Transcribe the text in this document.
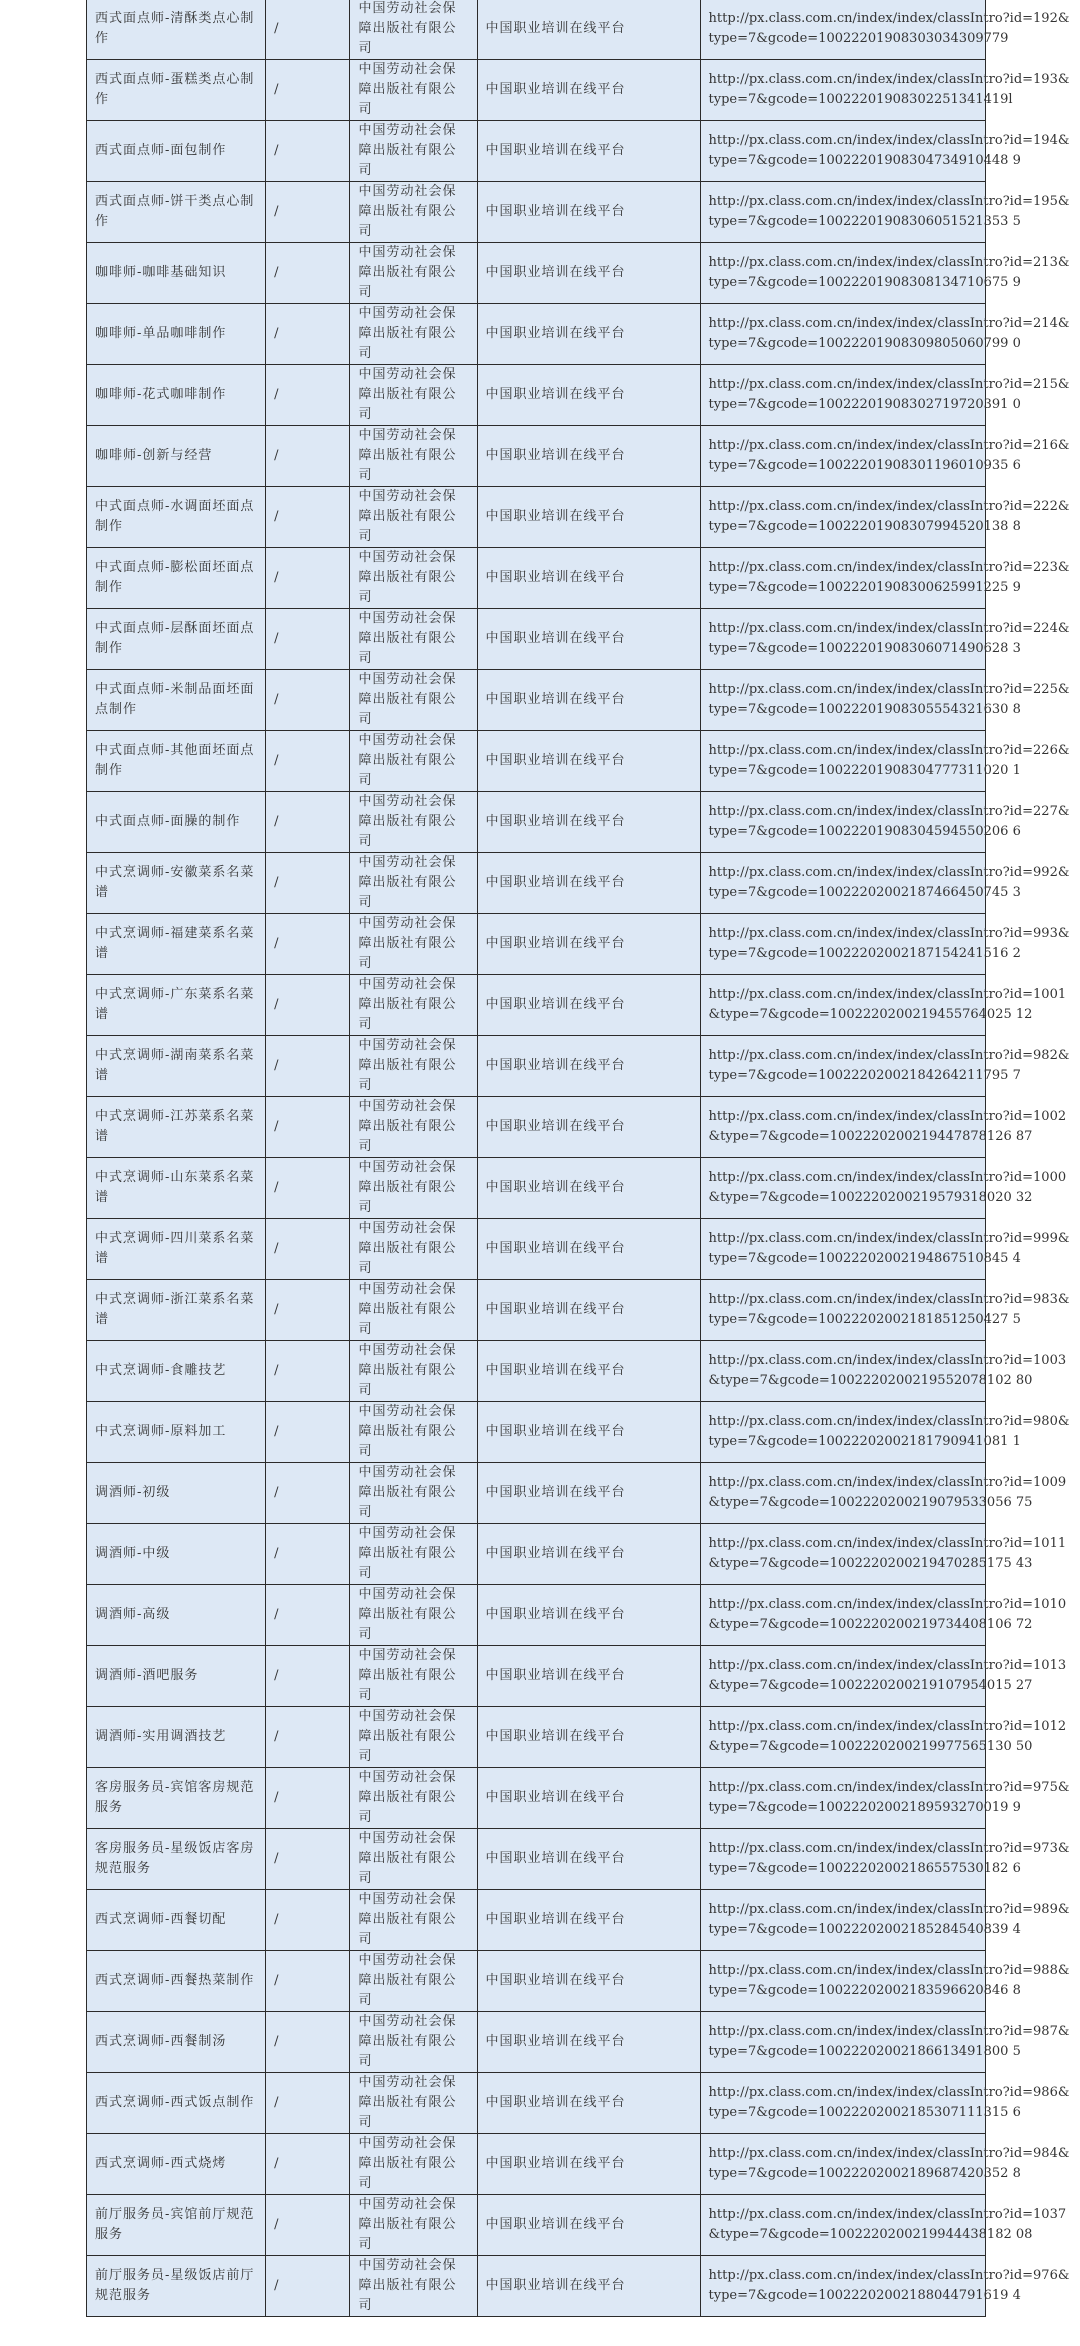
西式面点师-清酥类点心制作	/	中国劳动社会保障出版社有限公司	中国职业培训在线平台	http://px.class.com.cn/index/index/classIntro?id=192&
type=7&gcode=10022201908303034309779

西式面点师-蛋糕类点心制作	/	中国劳动社会保障出版社有限公司	中国职业培训在线平台	http://px.class.com.cn/index/index/classIntro?id=193&
type=7&gcode=10022201908302251341419l

西式面点师-面包制作	/	中国劳动社会保障出版社有限公司	中国职业培训在线平台	http://px.class.com.cn/index/index/classIntro?id=194&
type=7&gcode=10022201908304734910448 9

西式面点师-饼干类点心制作	/	中国劳动社会保障出版社有限公司	中国职业培训在线平台	http://px.class.com.cn/index/index/classIntro?id=195&
type=7&gcode=10022201908306051521353 5

咖啡师-咖啡基础知识	/	中国劳动社会保障出版社有限公司	中国职业培训在线平台	http://px.class.com.cn/index/index/classIntro?id=213&
type=7&gcode=10022201908308134710675 9

咖啡师-单品咖啡制作	/	中国劳动社会保障出版社有限公司	中国职业培训在线平台	http://px.class.com.cn/index/index/classIntro?id=214&
type=7&gcode=10022201908309805060799 0

咖啡师-花式咖啡制作	/	中国劳动社会保障出版社有限公司	中国职业培训在线平台	http://px.class.com.cn/index/index/classIntro?id=215&
type=7&gcode=10022201908302719720391 0

咖啡师-创新与经营	/	中国劳动社会保障出版社有限公司	中国职业培训在线平台	http://px.class.com.cn/index/index/classIntro?id=216&
type=7&gcode=10022201908301196010935 6

中式面点师-水调面坯面点制作	/	中国劳动社会保障出版社有限公司	中国职业培训在线平台	http://px.class.com.cn/index/index/classIntro?id=222&
type=7&gcode=10022201908307994520138 8

中式面点师-膨松面坯面点制作	/	中国劳动社会保障出版社有限公司	中国职业培训在线平台	http://px.class.com.cn/index/index/classIntro?id=223&
type=7&gcode=10022201908300625991225 9

中式面点师-层酥面坯面点制作	/	中国劳动社会保障出版社有限公司	中国职业培训在线平台	http://px.class.com.cn/index/index/classIntro?id=224&
type=7&gcode=10022201908306071490628 3

中式面点师-米制品面坯面点制作	/	中国劳动社会保障出版社有限公司	中国职业培训在线平台	http://px.class.com.cn/index/index/classIntro?id=225&
type=7&gcode=10022201908305554321630 8

中式面点师-其他面坯面点制作	/	中国劳动社会保障出版社有限公司	中国职业培训在线平台	http://px.class.com.cn/index/index/classIntro?id=226&
type=7&gcode=10022201908304777311020 1

中式面点师-面臊的制作	/	中国劳动社会保障出版社有限公司	中国职业培训在线平台	http://px.class.com.cn/index/index/classIntro?id=227&
type=7&gcode=10022201908304594550206 6

中式烹调师-安徽菜系名菜谱	/	中国劳动社会保障出版社有限公司	中国职业培训在线平台	http://px.class.com.cn/index/index/classIntro?id=992&
type=7&gcode=10022202002187466450745 3

中式烹调师-福建菜系名菜谱	/	中国劳动社会保障出版社有限公司	中国职业培训在线平台	http://px.class.com.cn/index/index/classIntro?id=993&
type=7&gcode=10022202002187154241516 2

中式烹调师-广东菜系名菜谱	/	中国劳动社会保障出版社有限公司	中国职业培训在线平台	http://px.class.com.cn/index/index/classIntro?id=1001
&type=7&gcode=1002220200219455764025 12

中式烹调师-湖南菜系名菜谱	/	中国劳动社会保障出版社有限公司	中国职业培训在线平台	http://px.class.com.cn/index/index/classIntro?id=982&
type=7&gcode=10022202002184264211795 7

中式烹调师-江苏菜系名菜谱	/	中国劳动社会保障出版社有限公司	中国职业培训在线平台	http://px.class.com.cn/index/index/classIntro?id=1002
&type=7&gcode=1002220200219447878126 87

中式烹调师-山东菜系名菜谱	/	中国劳动社会保障出版社有限公司	中国职业培训在线平台	http://px.class.com.cn/index/index/classIntro?id=1000
&type=7&gcode=1002220200219579318020 32

中式烹调师-四川菜系名菜谱	/	中国劳动社会保障出版社有限公司	中国职业培训在线平台	http://px.class.com.cn/index/index/classIntro?id=999&
type=7&gcode=10022202002194867510845 4

中式烹调师-浙江菜系名菜谱	/	中国劳动社会保障出版社有限公司	中国职业培训在线平台	http://px.class.com.cn/index/index/classIntro?id=983&
type=7&gcode=10022202002181851250427 5

中式烹调师-食雕技艺	/	中国劳动社会保障出版社有限公司	中国职业培训在线平台	http://px.class.com.cn/index/index/classIntro?id=1003
&type=7&gcode=1002220200219552078102 80

中式烹调师-原料加工	/	中国劳动社会保障出版社有限公司	中国职业培训在线平台	http://px.class.com.cn/index/index/classIntro?id=980&
type=7&gcode=10022202002181790941081 1

调酒师-初级	/	中国劳动社会保障出版社有限公司	中国职业培训在线平台	http://px.class.com.cn/index/index/classIntro?id=1009
&type=7&gcode=1002220200219079533056 75

调酒师-中级	/	中国劳动社会保障出版社有限公司	中国职业培训在线平台	http://px.class.com.cn/index/index/classIntro?id=1011
&type=7&gcode=1002220200219470285175 43

调酒师-高级	/	中国劳动社会保障出版社有限公司	中国职业培训在线平台	http://px.class.com.cn/index/index/classIntro?id=1010
&type=7&gcode=1002220200219734408106 72

调酒师-酒吧服务	/	中国劳动社会保障出版社有限公司	中国职业培训在线平台	http://px.class.com.cn/index/index/classIntro?id=1013
&type=7&gcode=1002220200219107954015 27

调酒师-实用调酒技艺	/	中国劳动社会保障出版社有限公司	中国职业培训在线平台	http://px.class.com.cn/index/index/classIntro?id=1012
&type=7&gcode=1002220200219977565130 50

客房服务员-宾馆客房规范服务	/	中国劳动社会保障出版社有限公司	中国职业培训在线平台	http://px.class.com.cn/index/index/classIntro?id=975&
type=7&gcode=10022202002189593270019 9

客房服务员-星级饭店客房规范服务	/	中国劳动社会保障出版社有限公司	中国职业培训在线平台	http://px.class.com.cn/index/index/classIntro?id=973&
type=7&gcode=10022202002186557530182 6

西式烹调师-西餐切配	/	中国劳动社会保障出版社有限公司	中国职业培训在线平台	http://px.class.com.cn/index/index/classIntro?id=989&
type=7&gcode=10022202002185284540839 4

西式烹调师-西餐热菜制作	/	中国劳动社会保障出版社有限公司	中国职业培训在线平台	http://px.class.com.cn/index/index/classIntro?id=988&
type=7&gcode=10022202002183596620846 8

西式烹调师-西餐制汤	/	中国劳动社会保障出版社有限公司	中国职业培训在线平台	http://px.class.com.cn/index/index/classIntro?id=987&
type=7&gcode=10022202002186613491800 5

西式烹调师-西式饭点制作	/	中国劳动社会保障出版社有限公司	中国职业培训在线平台	http://px.class.com.cn/index/index/classIntro?id=986&
type=7&gcode=10022202002185307111315 6

西式烹调师-西式烧烤	/	中国劳动社会保障出版社有限公司	中国职业培训在线平台	http://px.class.com.cn/index/index/classIntro?id=984&
type=7&gcode=10022202002189687420352 8

前厅服务员-宾馆前厅规范服务	/	中国劳动社会保障出版社有限公司	中国职业培训在线平台	http://px.class.com.cn/index/index/classIntro?id=1037
&type=7&gcode=1002220200219944438182 08

前厅服务员-星级饭店前厅规范服务	/	中国劳动社会保障出版社有限公司	中国职业培训在线平台	http://px.class.com.cn/index/index/classIntro?id=976&
type=7&gcode=10022202002188044791619 4
